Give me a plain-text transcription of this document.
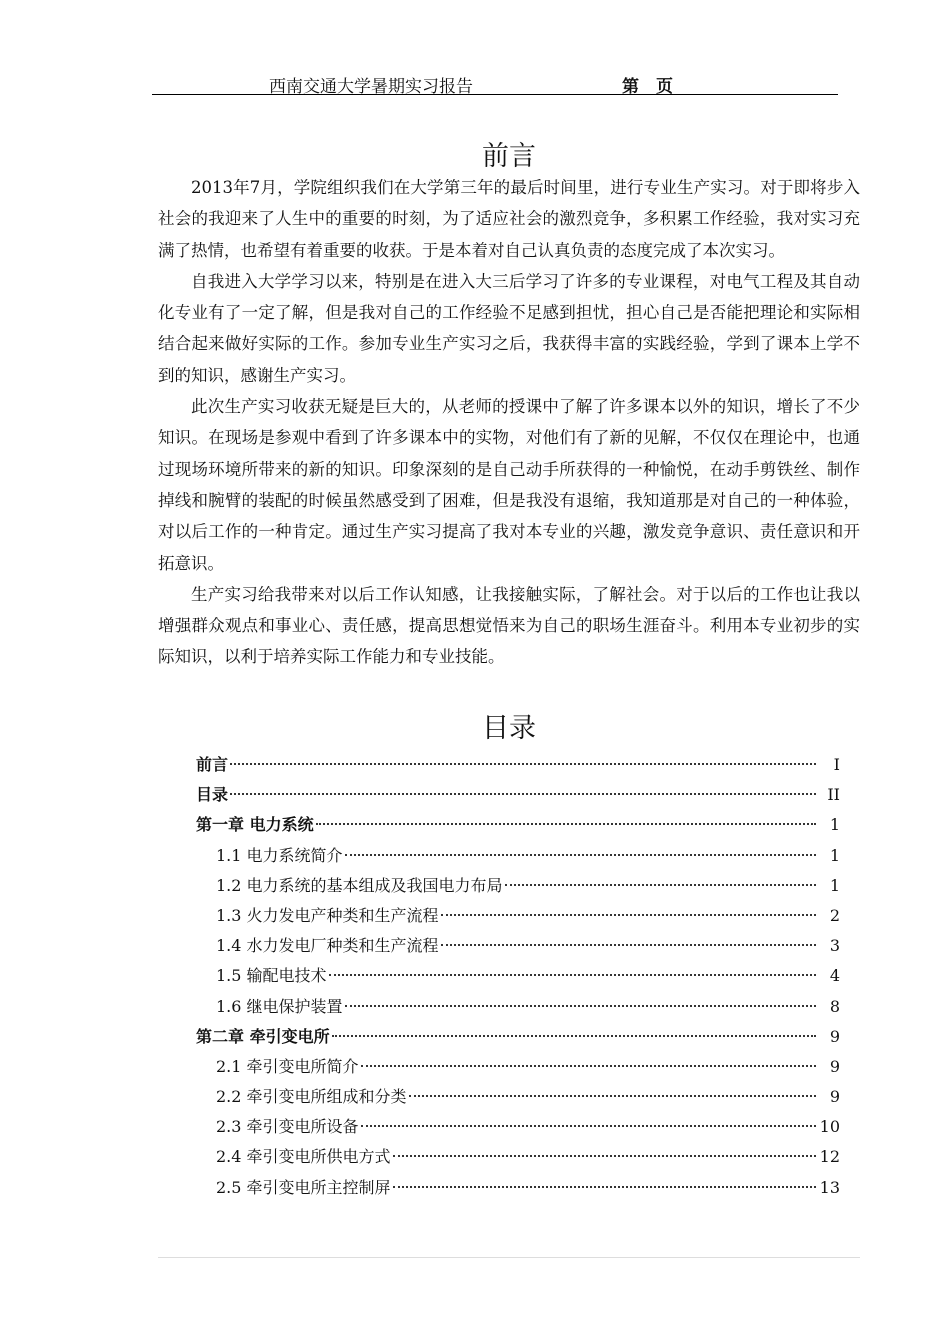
西南交通大学暑期实习报告	第　页
前言

2013年7月，学院组织我们在大学第三年的最后时间里，进行专业生产实习。对于即将步入社会的我迎来了人生中的重要的时刻，为了适应社会的激烈竞争，多积累工作经验，我对实习充满了热情，也希望有着重要的收获。于是本着对自己认真负责的态度完成了本次实习。

自我进入大学学习以来，特别是在进入大三后学习了许多的专业课程，对电气工程及其自动化专业有了一定了解，但是我对自己的工作经验不足感到担忧，担心自己是否能把理论和实际相结合起来做好实际的工作。参加专业生产实习之后，我获得丰富的实践经验，学到了课本上学不到的知识，感谢生产实习。

此次生产实习收获无疑是巨大的，从老师的授课中了解了许多课本以外的知识，增长了不少知识。在现场是参观中看到了许多课本中的实物，对他们有了新的见解，不仅仅在理论中，也通过现场环境所带来的新的知识。印象深刻的是自己动手所获得的一种愉悦，在动手剪铁丝、制作掉线和腕臂的装配的时候虽然感受到了困难，但是我没有退缩，我知道那是对自己的一种体验，对以后工作的一种肯定。通过生产实习提高了我对本专业的兴趣，激发竞争意识、责任意识和开拓意识。

生产实习给我带来对以后工作认知感，让我接触实际，了解社会。对于以后的工作也让我以增强群众观点和事业心、责任感，提高思想觉悟来为自己的职场生涯奋斗。利用本专业初步的实际知识，以利于培养实际工作能力和专业技能。

目录
前言	I
目录	II
第一章 电力系统	1
1.1 电力系统简介	1
1.2 电力系统的基本组成及我国电力布局	1
1.3 火力发电产种类和生产流程	2
1.4 水力发电厂种类和生产流程	3
1.5 输配电技术	4
1.6 继电保护装置	8
第二章 牵引变电所	9
2.1 牵引变电所简介	9
2.2 牵引变电所组成和分类	9
2.3 牵引变电所设备	10
2.4 牵引变电所供电方式	12
2.5 牵引变电所主控制屏	13
